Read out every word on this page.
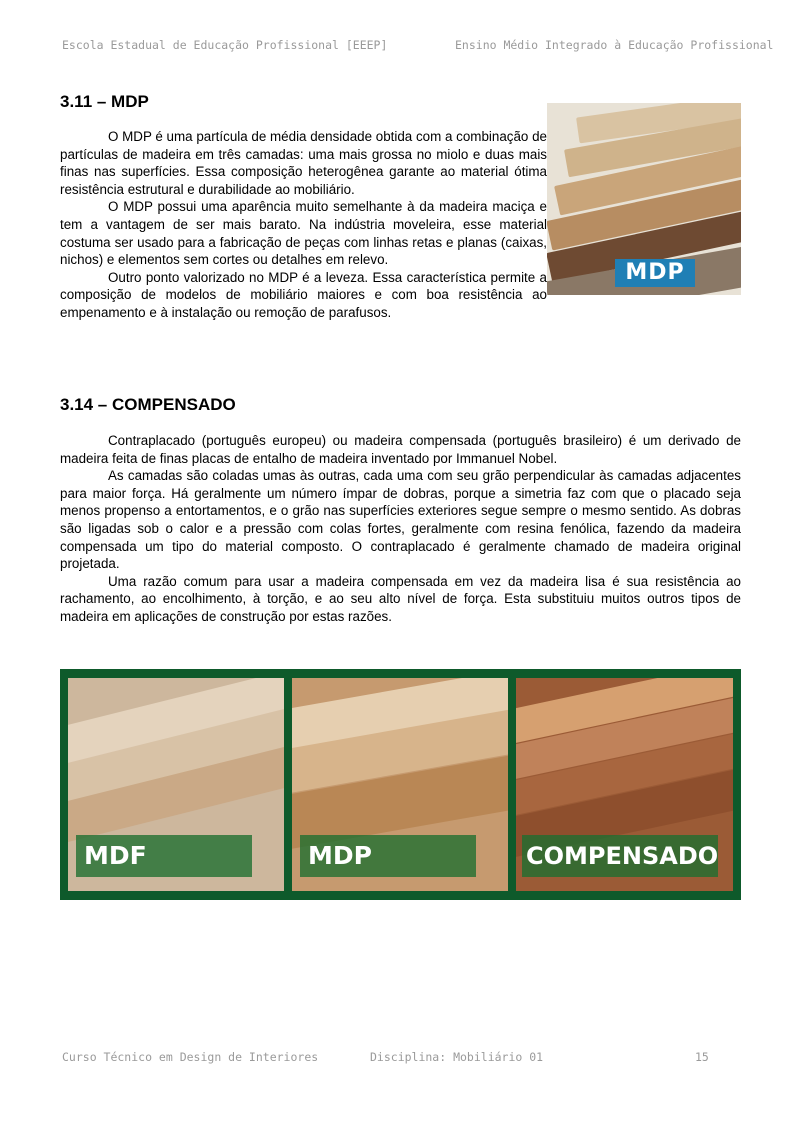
Escola Estadual de Educação Profissional [EEEP]	Ensino Médio Integrado à Educação Profissional
3.11 – MDP
MDP

O MDP é uma partícula de média densidade obtida com a combinação de partículas de madeira em três camadas: uma mais grossa no miolo e duas mais finas nas superfícies. Essa composição heterogênea garante ao material ótima resistência estrutural e durabilidade ao mobiliário.

O MDP possui uma aparência muito semelhante à da madeira maciça e tem a vantagem de ser mais barato. Na indústria moveleira, esse material costuma ser usado para a fabricação de peças com linhas retas e planas (caixas, nichos) e elementos sem cortes ou detalhes em relevo.

Outro ponto valorizado no MDP é a leveza. Essa característica permite a composição de modelos de mobiliário maiores e com boa resistência ao empenamento e à instalação ou remoção de parafusos.

3.14 – COMPENSADO

Contraplacado (português europeu) ou madeira compensada (português brasileiro) é um derivado de madeira feita de finas placas de entalho de madeira inventado por Immanuel Nobel.

As camadas são coladas umas às outras, cada uma com seu grão perpendicular às camadas adjacentes para maior força. Há geralmente um número ímpar de dobras, porque a simetria faz com que o placado seja menos propenso a entortamentos, e o grão nas superfícies exteriores segue sempre o mesmo sentido. As dobras são ligadas sob o calor e a pressão com colas fortes, geralmente com resina fenólica, fazendo da madeira compensada um tipo do material composto. O contraplacado é geralmente chamado de madeira original projetada.

Uma razão comum para usar a madeira compensada em vez da madeira lisa é sua resistência ao rachamento, ao encolhimento, à torção, e ao seu alto nível de força. Esta substituiu muitos outros tipos de madeira em aplicações de construção por estas razões.

MDF	MDP	COMPENSADO
Curso Técnico em Design de Interiores	Disciplina: Mobiliário 01	15
